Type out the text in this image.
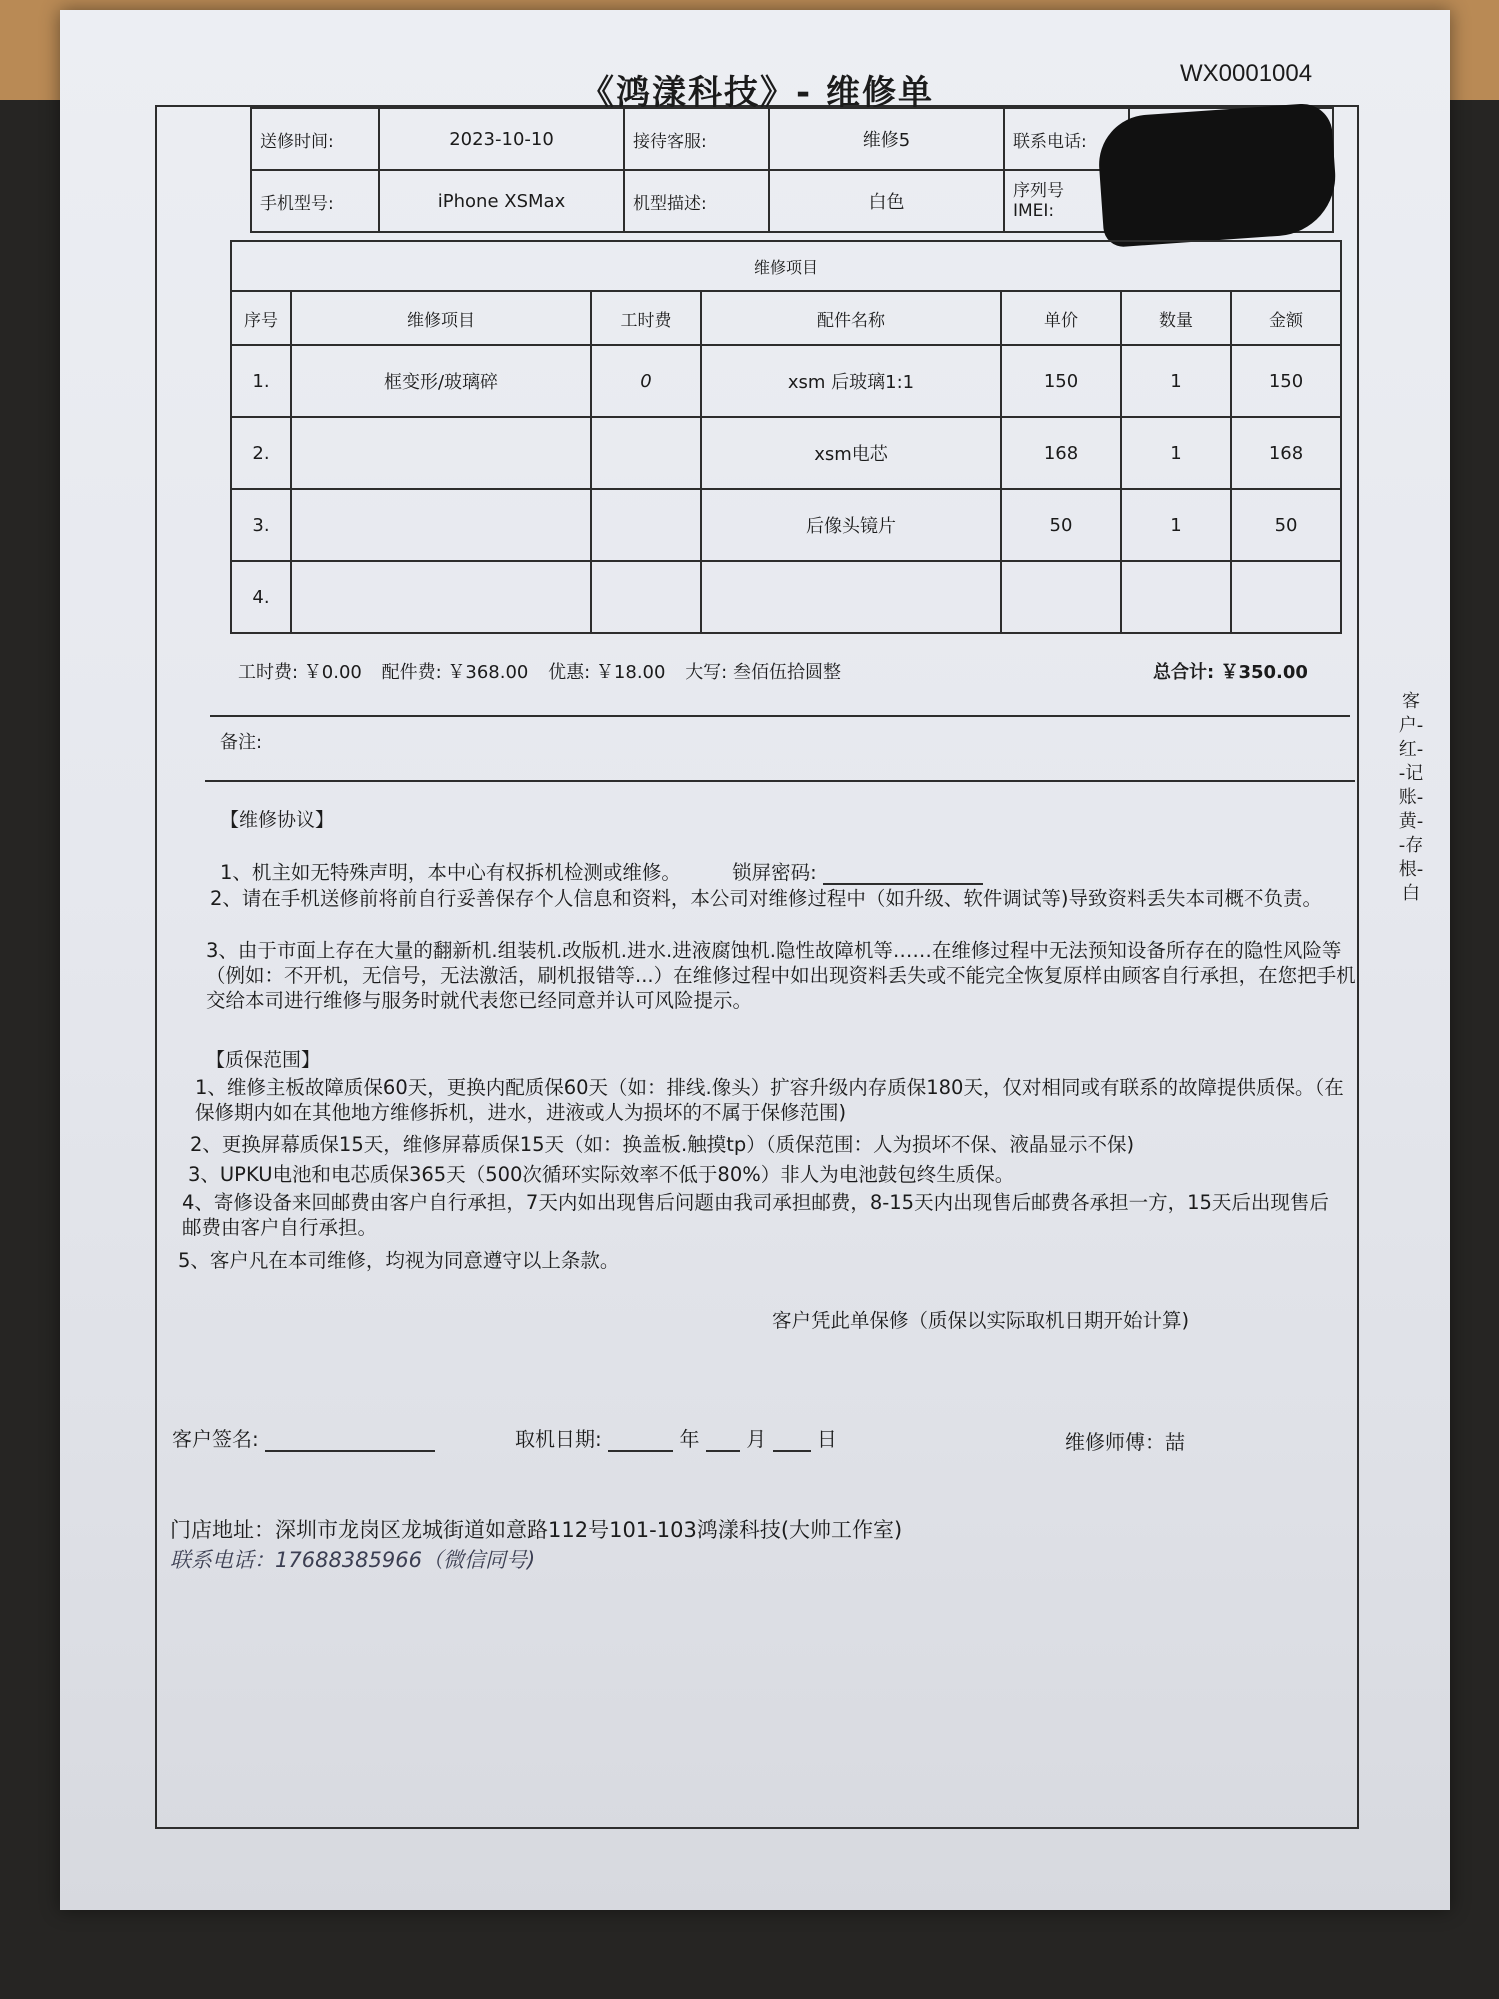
《鸿漾科技》- 维修单	WX0001004
送修时间:	2023-10-10	接待客服:	维修5	联系电话:	
手机型号:	iPhone XSMax	机型描述:	白色	序列号
IMEI:	
维修项目						
序号	维修项目	工时费	配件名称	单价	数量	金额
1.	框变形/玻璃碎	0	xsm 后玻璃1:1	150	1	150
2.			xsm电芯	168	1	168
3.			后像头镜片	50	1	50
4.						
工时费: ￥0.00 配件费: ￥368.00 优惠: ￥18.00 大写: 叁佰伍拾圆整	总合计: ￥350.00
备注:
【维修协议】
1、机主如无特殊声明，本中心有权拆机检测或维修。	锁屏密码:
2、请在手机送修前将前自行妥善保存个人信息和资料，本公司对维修过程中（如升级、软件调试等)导致资料丢失本司概不负责。
3、由于市面上存在大量的翻新机.组装机.改版机.进水.进液腐蚀机.隐性故障机等……在维修过程中无法预知设备所存在的隐性风险等（例如：不开机，无信号，无法激活，刷机报错等...）在维修过程中如出现资料丢失或不能完全恢复原样由顾客自行承担，在您把手机交给本司进行维修与服务时就代表您已经同意并认可风险提示。
【质保范围】
1、维修主板故障质保60天，更换内配质保60天（如：排线.像头）扩容升级内存质保180天，仅对相同或有联系的故障提供质保。（在保修期内如在其他地方维修拆机，进水，进液或人为损坏的不属于保修范围)
2、更换屏幕质保15天，维修屏幕质保15天（如：换盖板.触摸tp）（质保范围：人为损坏不保、液晶显示不保)
3、UPKU电池和电芯质保365天（500次循环实际效率不低于80%）非人为电池鼓包终生质保。
4、寄修设备来回邮费由客户自行承担，7天内如出现售后问题由我司承担邮费，8-15天内出现售后邮费各承担一方，15天后出现售后邮费由客户自行承担。
5、客户凡在本司维修，均视为同意遵守以上条款。
客户凭此单保修（质保以实际取机日期开始计算)
客户-红--记账-黄--存根-白
客户签名:	取机日期:	年 月	日	维修师傅：喆
门店地址：深圳市龙岗区龙城街道如意路112号101-103鸿漾科技(大帅工作室)
联系电话：17688385966（微信同号)
